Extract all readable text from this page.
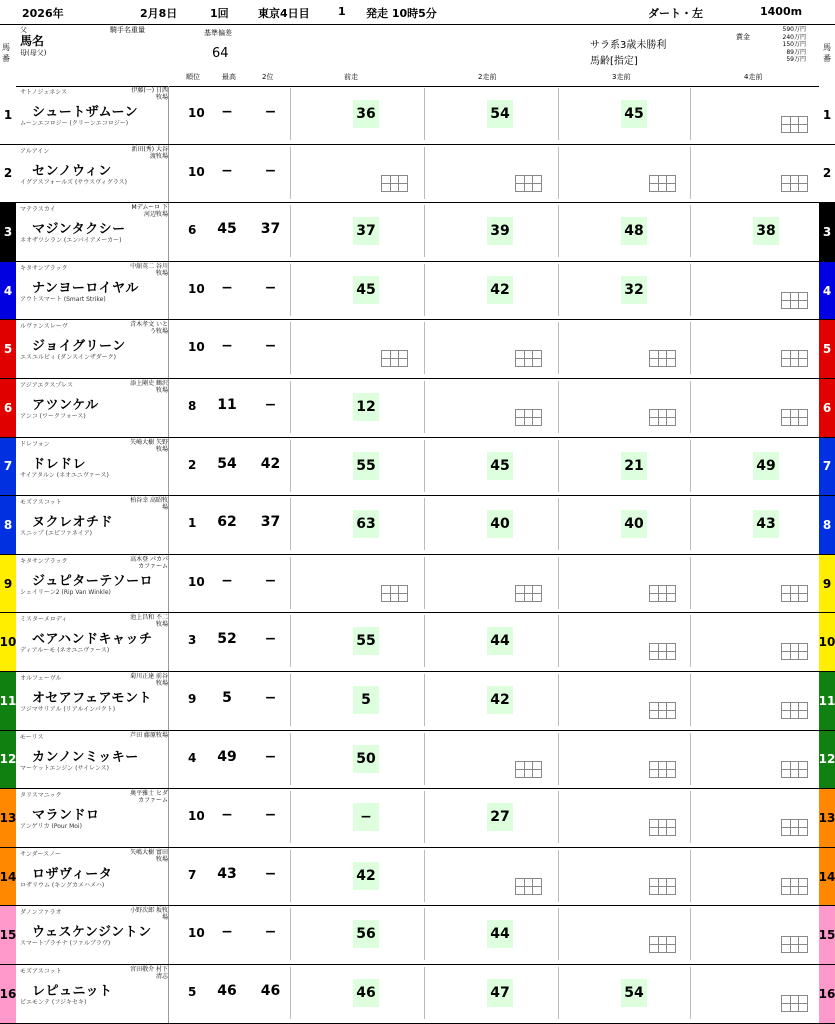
2026年	2月8日	1回	東京4日目	1 発走 10時5分	ダート・左	1400m
馬番
父
馬名
母(母父)
騎手名重量	基準偏差
64
順位	最高	2位	前走	2走前	3走前	4走前
サラ系3歳未勝利
馬齢[指定]
賞金
590万円
240万円
150万円
89万円
59万円
馬番
1	1
サトノジェネシス
シュートザムーン
ムーンエコロジー (クリーンエコロジー)
伊藤(一) 日西牧場
10	−	−	36	54	45

2	2
アルアイン
センノウィン
イグアスフォールズ (サウスヴィグラス)
新田(秀) 大谷渡牧場
10	−	−

3	3
マテラスカイ
マジンタクシー
ネオザツシラン (エンパイアメーカー)
Mデムーロ 下河辺牧場
6	45	37	37	39	48	38
4	4
キタサンブラック
ナンヨーロイヤル
アウトスマート (Smart Strike)
中舘英二 谷川牧場
10	−	−	45	42	32

5	5
ルヴァンスレーヴ
ジョイグリーン
エスユルビィ (ダンスインザダーク)
青木孝文 いとう牧場
10	−	−

6	6
アジアエクスプレス
アツンケル
アンコ (ワークフォース)
添上剛史 鶴沢牧場
8	11	−	12

7	7
ドレフォン
ドレドレ
サイアタルン (ネオユニヴァース)
矢崎大樹 矢野牧場
2	54	42	55	45	21	49
8	8
モズアスコット
ヌクレオチド
スニップ (エピファネイア)
柏谷幸 高昭牧場
1	62	37	63	40	40	43
9	9
キタサンブラック
ジュピターテソーロ
シェイリーン2 (Rip Van Winkle)
高木登 パカパカファーム
10	−	−

10	10
ミスターメロディ
ベアハンドキャッチ
ディアルーモ (ネオユニヴァース)
池上昌和 不二牧場
3	52	−	55	44

11	11
オルフェーヴル
オセアフェアモント
フジマサリアル (リアルインパクト)
菊川正達 前谷牧場
9	5	−	5	42

12	12
モーリス
カンノンミッキー
マーケットエンジン (サイレンス)
芦田 藤原牧場
4	49	−	50

13	13
タリスマニック
マランドロ
アンゲリカ (Pour Moi)
奥平雅士 ヒダカファーム
10	−	−	−	27

14	14
サンダースノー
ロザヴィータ
ロザリウム (キングカメハメハ)
矢嶋大樹 富田牧場
7	43	−	42

15	15
ダノンファラオ
ウェスケンジントン
スマートプラチナ (ファルブラヴ)
小野次郎 坂牧場
10	−	−	56	44

16	16
モズアスコット
レピュニット
ピエモンテ (フジキセキ)
宮田敬介 村下清志
5	46	46	46	47	54
